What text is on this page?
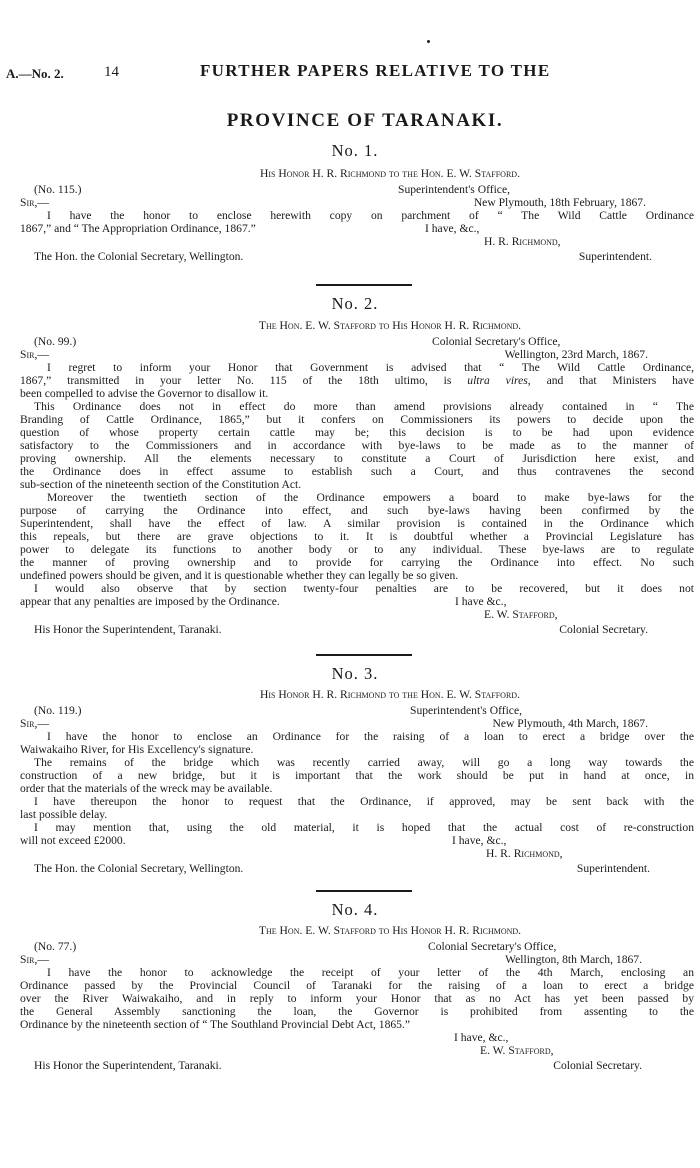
A.—No. 2.	14	FURTHER PAPERS RELATIVE TO THE
PROVINCE OF TARANAKI.
No. 1.
His Honor H. R. Richmond to the Hon. E. W. Stafford.
(No. 115.)	Superintendent's Office,
Sir,—	New Plymouth, 18th February, 1867.
I have the honor to enclose herewith copy on parchment of “ The Wild Cattle Ordinance
1867,” and “ The Appropriation Ordinance, 1867.”	I have, &c.,
H. R. Richmond,
The Hon. the Colonial Secretary, Wellington.	Superintendent.
No. 2.
The Hon. E. W. Stafford to His Honor H. R. Richmond.
(No. 99.)	Colonial Secretary's Office,
Sir,—	Wellington, 23rd March, 1867.
I regret to inform your Honor that Government is advised that “ The Wild Cattle Ordinance,
1867,” transmitted in your letter No. 115 of the 18th ultimo, is ultra vires, and that Ministers have
been compelled to advise the Governor to disallow it.
This Ordinance does not in effect do more than amend provisions already contained in “ The
Branding of Cattle Ordinance, 1865,” but it confers on Commissioners its powers to decide upon the
question of whose property certain cattle may be; this decision is to be had upon evidence
satisfactory to the Commissioners and in accordance with bye-laws to be made as to the manner of
proving ownership. All the elements necessary to constitute a Court of Jurisdiction here exist, and
the Ordinance does in effect assume to establish such a Court, and thus contravenes the second
sub-section of the nineteenth section of the Constitution Act.
Moreover the twentieth section of the Ordinance empowers a board to make bye-laws for the
purpose of carrying the Ordinance into effect, and such bye-laws having been confirmed by the
Superintendent, shall have the effect of law. A similar provision is contained in the Ordinance which
this repeals, but there are grave objections to it. It is doubtful whether a Provincial Legislature has
power to delegate its functions to another body or to any individual. These bye-laws are to regulate
the manner of proving ownership and to provide for carrying the Ordinance into effect. No such
undefined powers should be given, and it is questionable whether they can legally be so given.
I would also observe that by section twenty-four penalties are to be recovered, but it does not
appear that any penalties are imposed by the Ordinance.	I have &c.,
E. W. Stafford,
His Honor the Superintendent, Taranaki.	Colonial Secretary.
No. 3.
His Honor H. R. Richmond to the Hon. E. W. Stafford.
(No. 119.)	Superintendent's Office,
Sir,—	New Plymouth, 4th March, 1867.
I have the honor to enclose an Ordinance for the raising of a loan to erect a bridge over the
Waiwakaiho River, for His Excellency's signature.
The remains of the bridge which was recently carried away, will go a long way towards the
construction of a new bridge, but it is important that the work should be put in hand at once, in
order that the materials of the wreck may be available.
I have thereupon the honor to request that the Ordinance, if approved, may be sent back with the
last possible delay.
I may mention that, using the old material, it is hoped that the actual cost of re-construction
will not exceed £2000.	I have, &c.,
H. R. Richmond,
The Hon. the Colonial Secretary, Wellington.	Superintendent.
No. 4.
The Hon. E. W. Stafford to His Honor H. R. Richmond.
(No. 77.)	Colonial Secretary's Office,
Sir,—	Wellington, 8th March, 1867.
I have the honor to acknowledge the receipt of your letter of the 4th March, enclosing an
Ordinance passed by the Provincial Council of Taranaki for the raising of a loan to erect a bridge
over the River Waiwakaiho, and in reply to inform your Honor that as no Act has yet been passed by
the General Assembly sanctioning the loan, the Governor is prohibited from assenting to the
Ordinance by the nineteenth section of “ The Southland Provincial Debt Act, 1865.”
I have, &c.,
E. W. Stafford,
His Honor the Superintendent, Taranaki.	Colonial Secretary.
